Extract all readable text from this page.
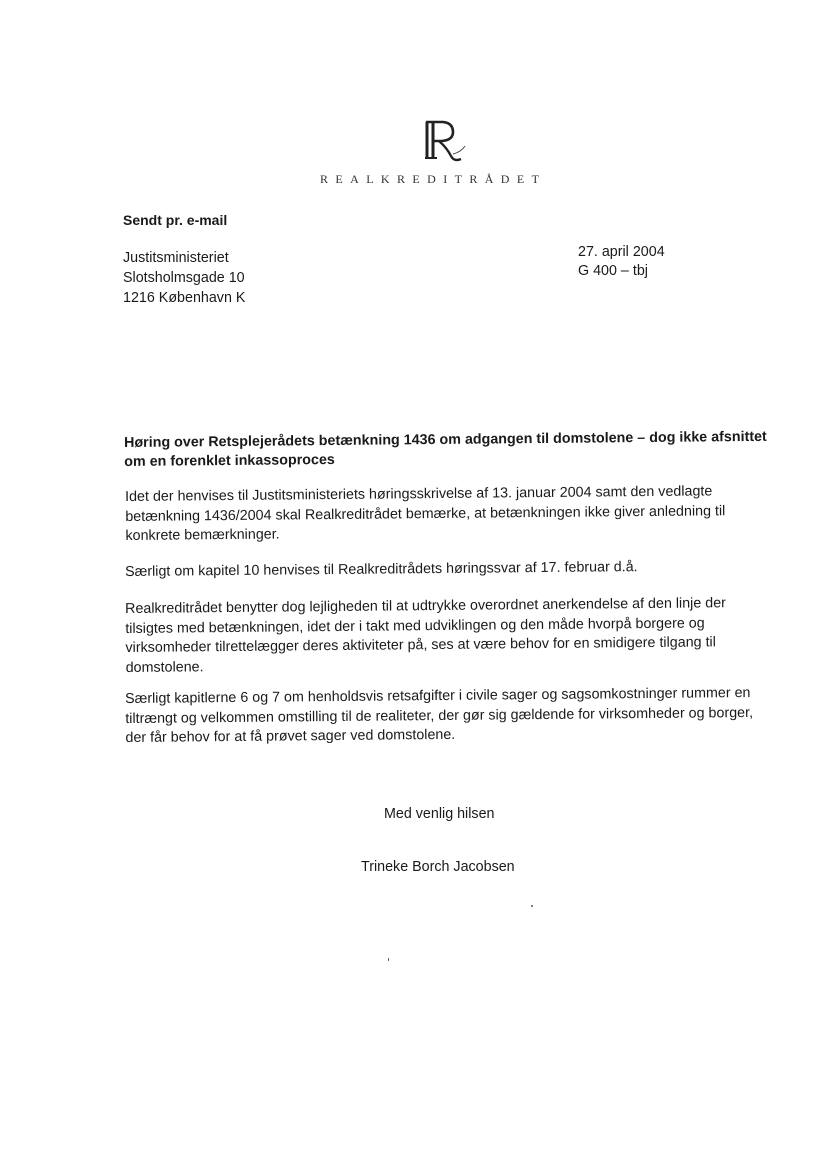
REALKREDITRÅDET
Sendt pr. e-mail
Justitsministeriet
Slotsholmsgade 10
1216 København K
27. april 2004
G 400 – tbj
Høring over Retsplejerådets betænkning 1436 om adgangen til domstolene – dog ikke afsnittet om en forenklet inkassoproces
Idet der henvises til Justitsministeriets høringsskrivelse af 13. januar 2004 samt den vedlagte betænkning 1436/2004 skal Realkreditrådet bemærke, at betænkningen ikke giver anledning til konkrete bemærkninger.
Særligt om kapitel 10 henvises til Realkreditrådets høringssvar af 17. februar d.å.
Realkreditrådet benytter dog lejligheden til at udtrykke overordnet anerkendelse af den linje der tilsigtes med betænkningen, idet der i takt med udviklingen og den måde hvorpå borgere og virksomheder tilrettelægger deres aktiviteter på, ses at være behov for en smidigere tilgang til domstolene.
Særligt kapitlerne 6 og 7 om henholdsvis retsafgifter i civile sager og sagsomkostninger rummer en tiltrængt og velkommen omstilling til de realiteter, der gør sig gældende for virksomheder og borger, der får behov for at få prøvet sager ved domstolene.
Med venlig hilsen
Trineke Borch Jacobsen
